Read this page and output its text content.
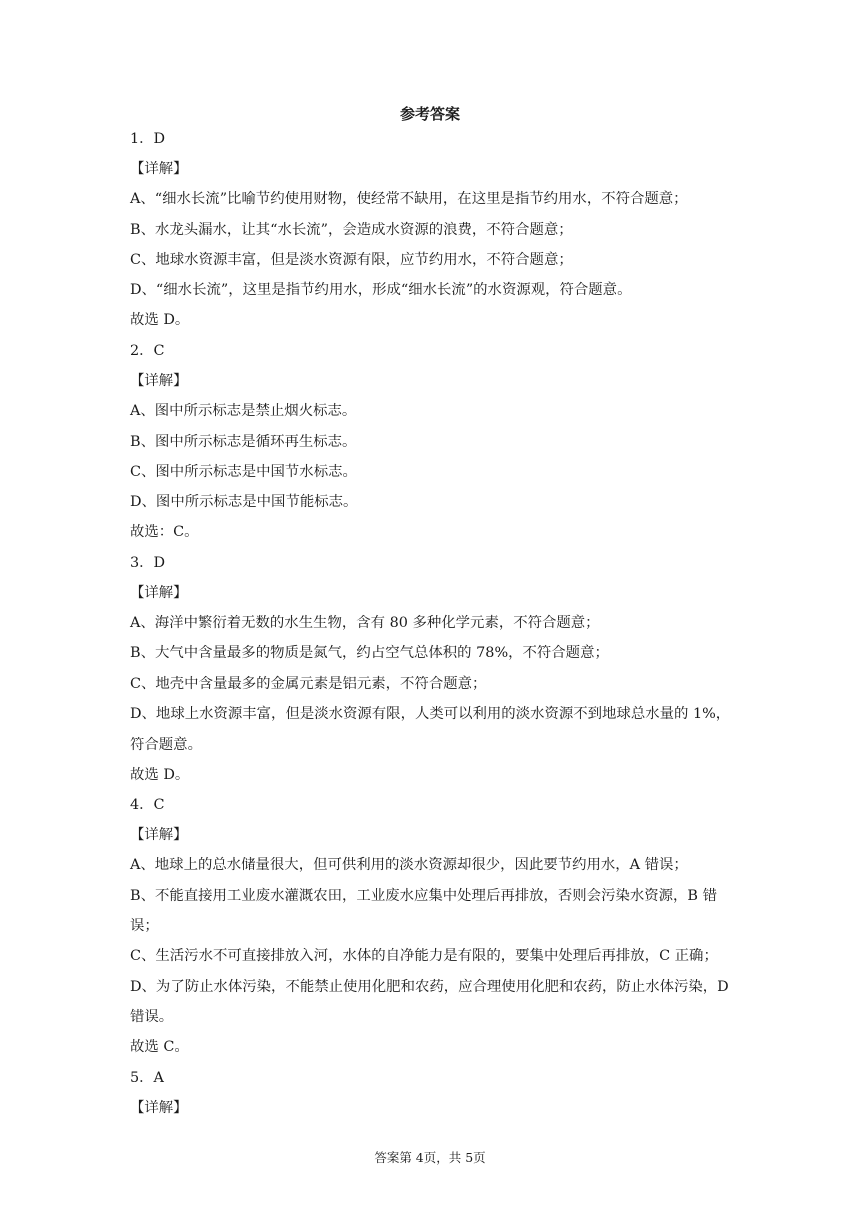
参考答案
1．D
【详解】
A、“细水长流”比喻节约使用财物，使经常不缺用，在这里是指节约用水，不符合题意；
B、水龙头漏水，让其“水长流”，会造成水资源的浪费，不符合题意；
C、地球水资源丰富，但是淡水资源有限，应节约用水，不符合题意；
D、“细水长流”，这里是指节约用水，形成“细水长流”的水资源观，符合题意。
故选 D。
2．C
【详解】
A、图中所示标志是禁止烟火标志。
B、图中所示标志是循环再生标志。
C、图中所示标志是中国节水标志。
D、图中所示标志是中国节能标志。
故选：C。
3．D
【详解】
A、海洋中繁衍着无数的水生生物，含有 80 多种化学元素，不符合题意；
B、大气中含量最多的物质是氮气，约占空气总体积的 78%，不符合题意；
C、地壳中含量最多的金属元素是铝元素，不符合题意；
D、地球上水资源丰富，但是淡水资源有限，人类可以利用的淡水资源不到地球总水量的 1%，符合题意。
故选 D。
4．C
【详解】
A、地球上的总水储量很大，但可供利用的淡水资源却很少，因此要节约用水，A 错误；
B、不能直接用工业废水灌溉农田，工业废水应集中处理后再排放，否则会污染水资源，B 错误；
C、生活污水不可直接排放入河，水体的自净能力是有限的，要集中处理后再排放，C 正确；
D、为了防止水体污染，不能禁止使用化肥和农药，应合理使用化肥和农药，防止水体污染，D 错误。
故选 C。
5．A
【详解】
答案第 4页，共 5页
